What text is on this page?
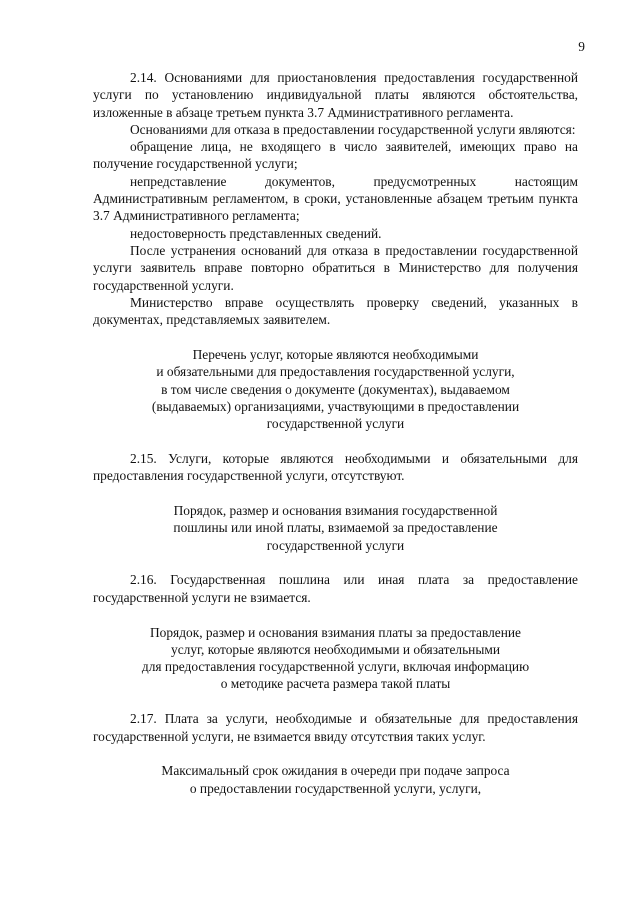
9

2.14. Основаниями для приостановления предоставления государственной услуги по установлению индивидуальной платы являются обстоятельства, изложенные в абзаце третьем пункта 3.7 Административного регламента.

Основаниями для отказа в предоставлении государственной услуги являются:

обращение лица, не входящего в число заявителей, имеющих право на получение государственной услуги;

непредставление документов, предусмотренных настоящим Административным регламентом, в сроки, установленные абзацем третьим пункта 3.7 Административного регламента;

недостоверность представленных сведений.

После устранения оснований для отказа в предоставлении государственной услуги заявитель вправе повторно обратиться в Министерство для получения государственной услуги.

Министерство вправе осуществлять проверку сведений, указанных в документах, представляемых заявителем.

Перечень услуг, которые являются необходимыми
и обязательными для предоставления государственной услуги,
в том числе сведения о документе (документах), выдаваемом
(выдаваемых) организациями, участвующими в предоставлении
государственной услуги

2.15. Услуги, которые являются необходимыми и обязательными для предоставления государственной услуги, отсутствуют.

Порядок, размер и основания взимания государственной
пошлины или иной платы, взимаемой за предоставление
государственной услуги

2.16. Государственная пошлина или иная плата за предоставление государственной услуги не взимается.

Порядок, размер и основания взимания платы за предоставление
услуг, которые являются необходимыми и обязательными
для предоставления государственной услуги, включая информацию
о методике расчета размера такой платы

2.17. Плата за услуги, необходимые и обязательные для предоставления государственной услуги, не взимается ввиду отсутствия таких услуг.

Максимальный срок ожидания в очереди при подаче запроса
о предоставлении государственной услуги, услуги,
